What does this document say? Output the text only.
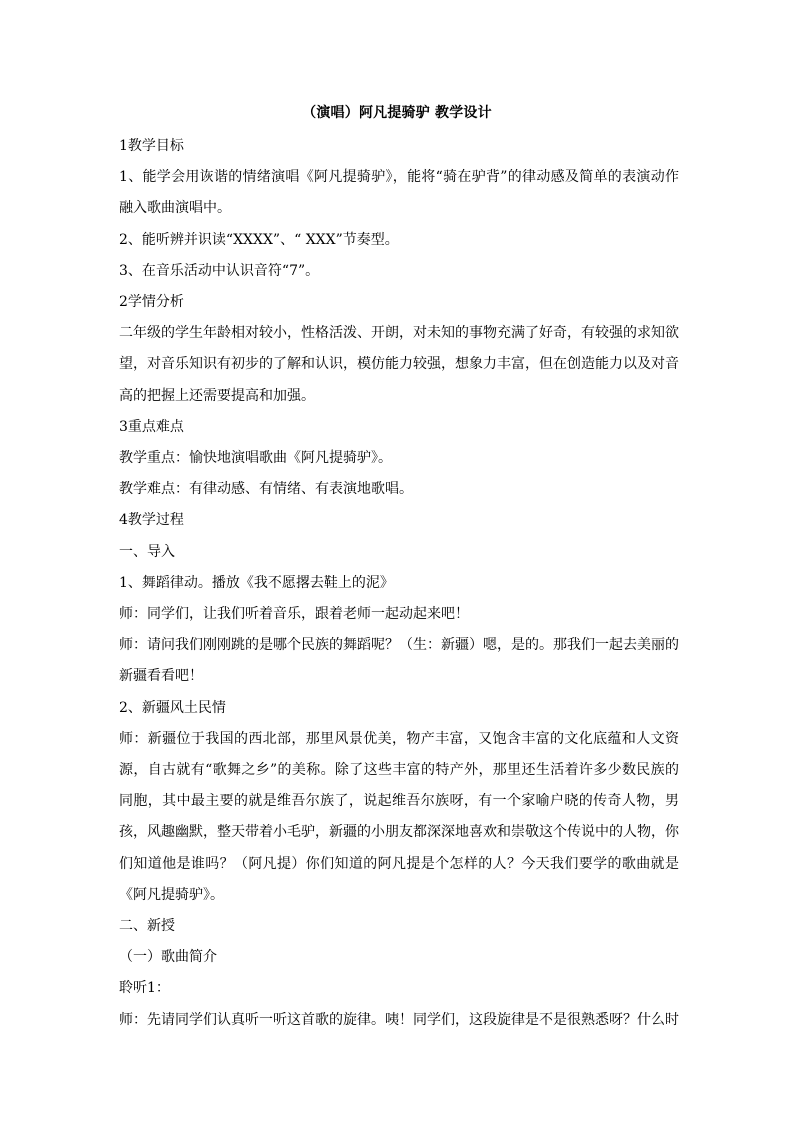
（演唱）阿凡提骑驴 教学设计

1教学目标

1、能学会用诙谐的情绪演唱《阿凡提骑驴》，能将“骑在驴背”的律动感及简单的表演动作融入歌曲演唱中。

2、能听辨并识读“XXXX”、“ XXX”节奏型。

3、在音乐活动中认识音符“7”。

2学情分析

二年级的学生年龄相对较小，性格活泼、开朗，对未知的事物充满了好奇，有较强的求知欲望，对音乐知识有初步的了解和认识，模仿能力较强，想象力丰富，但在创造能力以及对音高的把握上还需要提高和加强。

3重点难点

教学重点：愉快地演唱歌曲《阿凡提骑驴》。

教学难点：有律动感、有情绪、有表演地歌唱。

4教学过程

一、导入

1、舞蹈律动。播放《我不愿撂去鞋上的泥》

师：同学们，让我们听着音乐，跟着老师一起动起来吧！

师：请问我们刚刚跳的是哪个民族的舞蹈呢？（生：新疆）嗯，是的。那我们一起去美丽的新疆看看吧！

2、新疆风土民情

师：新疆位于我国的西北部，那里风景优美，物产丰富，又饱含丰富的文化底蕴和人文资源，自古就有“歌舞之乡”的美称。除了这些丰富的特产外，那里还生活着许多少数民族的同胞，其中最主要的就是维吾尔族了，说起维吾尔族呀，有一个家喻户晓的传奇人物，男孩，风趣幽默，整天带着小毛驴，新疆的小朋友都深深地喜欢和崇敬这个传说中的人物，你们知道他是谁吗？（阿凡提）你们知道的阿凡提是个怎样的人？今天我们要学的歌曲就是《阿凡提骑驴》。

二、新授

（一）歌曲简介

聆听1：

师：先请同学们认真听一听这首歌的旋律。咦！同学们，这段旋律是不是很熟悉呀？什么时
